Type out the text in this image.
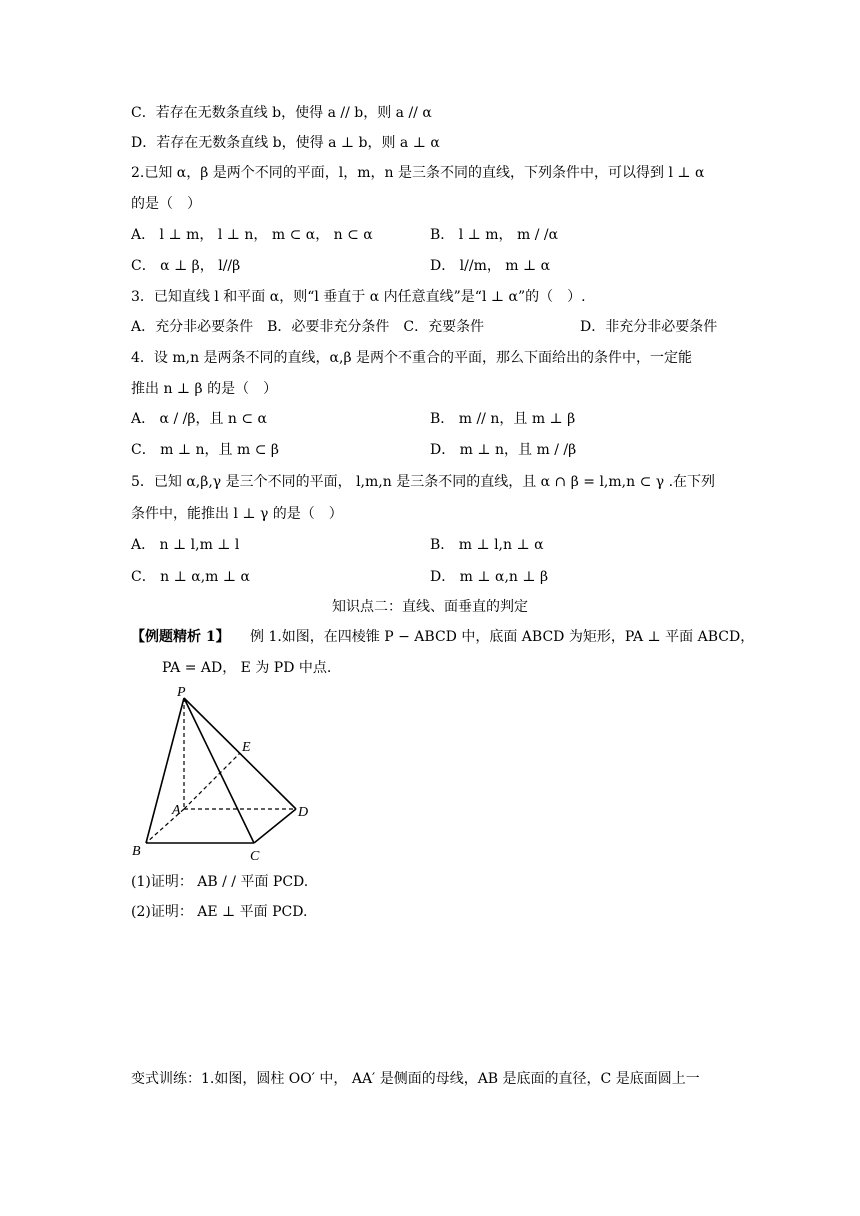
C．若存在无数条直线 b，使得 a // b，则 a // α
D．若存在无数条直线 b，使得 a ⊥ b，则 a ⊥ α
2.已知 α，β 是两个不同的平面，l，m，n 是三条不同的直线，下列条件中，可以得到 l ⊥ α
的是（　）
A． l ⊥ m， l ⊥ n， m ⊂ α， n ⊂ α	B． l ⊥ m， m / /α
C． α ⊥ β， l//β	D． l//m， m ⊥ α
3．已知直线 l 和平面 α，则“l 垂直于 α 内任意直线”是“l ⊥ α”的（　）.
A．充分非必要条件　B．必要非充分条件　C．充要条件	D．非充分非必要条件
4．设 m,n 是两条不同的直线，α,β 是两个不重合的平面，那么下面给出的条件中，一定能
推出 n ⊥ β 的是（　）
A． α / /β，且 n ⊂ α	B． m // n，且 m ⊥ β
C． m ⊥ n，且 m ⊂ β	D． m ⊥ n，且 m / /β
5．已知 α,β,γ 是三个不同的平面， l,m,n 是三条不同的直线，且 α ∩ β = l,m,n ⊂ γ .在下列
条件中，能推出 l ⊥ γ 的是（　）
A． n ⊥ l,m ⊥ l	B． m ⊥ l,n ⊥ α
C． n ⊥ α,m ⊥ α	D． m ⊥ α,n ⊥ β
知识点二：直线、面垂直的判定
【例题精析 1】 例 1.如图，在四棱锥 P − ABCD 中，底面 ABCD 为矩形，PA ⊥ 平面 ABCD，
PA = AD， E 为 PD 中点.
P
A
B	C
D
E
(1)证明： AB / / 平面 PCD.
(2)证明： AE ⊥ 平面 PCD.
变式训练：1.如图，圆柱 OO′ 中， AA′ 是侧面的母线，AB 是底面的直径，C 是底面圆上一
